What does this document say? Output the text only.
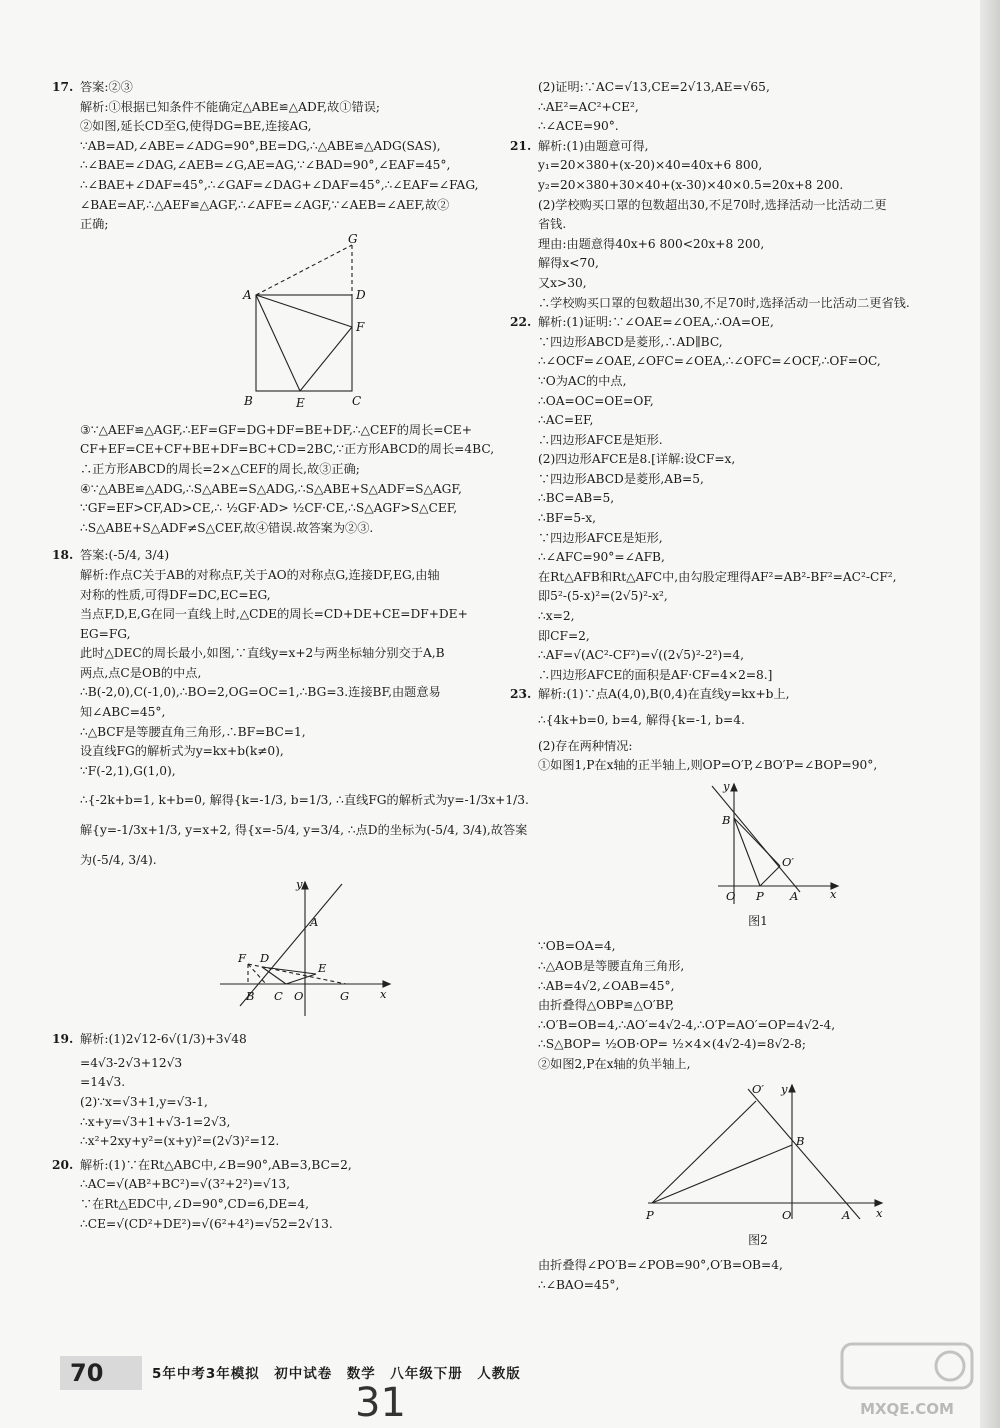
17. 答案:②③
解析:①根据已知条件不能确定△ABE≌△ADF,故①错误;
②如图,延长CD至G,使得DG=BE,连接AG,
∵AB=AD,∠ABE=∠ADG=90°,BE=DG,∴△ABE≌△ADG(SAS),
∴∠BAE=∠DAG,∠AEB=∠G,AE=AG,∵∠BAD=90°,∠EAF=45°,
∴∠BAE+∠DAF=45°,∴∠GAF=∠DAG+∠DAF=45°,∴∠EAF=∠FAG,
∠BAE=AF,∴△AEF≌△AGF,∴∠AFE=∠AGF,∵∠AEB=∠AEF,故②
正确;
G
A	D
F
B	E	C
③∵△AEF≌△AGF,∴EF=GF=DG+DF=BE+DF,∴△CEF的周长=CE+
CF+EF=CE+CF+BE+DF=BC+CD=2BC,∵正方形ABCD的周长=4BC,
∴正方形ABCD的周长=2×△CEF的周长,故③正确;
④∵△ABE≌△ADG,∴S△ABE=S△ADG,∴S△ABE+S△ADF=S△AGF,
∵GF=EF>CF,AD>CE,∴ ½GF·AD> ½CF·CE,∴S△AGF>S△CEF,
∴S△ABE+S△ADF≠S△CEF,故④错误.故答案为②③.
18. 答案:(-5/4, 3/4)
解析:作点C关于AB的对称点F,关于AO的对称点G,连接DF,EG,由轴
对称的性质,可得DF=DC,EC=EG,
当点F,D,E,G在同一直线上时,△CDE的周长=CD+DE+CE=DF+DE+
EG=FG,
此时△DEC的周长最小,如图,∵直线y=x+2与两坐标轴分别交于A,B
两点,点C是OB的中点,
∴B(-2,0),C(-1,0),∴BO=2,OG=OC=1,∴BG=3.连接BF,由题意易
知∠ABC=45°,
∴△BCF是等腰直角三角形,∴BF=BC=1,
设直线FG的解析式为y=kx+b(k≠0),
∵F(-2,1),G(1,0),
∴{-2k+b=1, k+b=0, 解得{k=-1/3, b=1/3, ∴直线FG的解析式为y=-1/3x+1/3.
解{y=-1/3x+1/3, y=x+2, 得{x=-5/4, y=3/4, ∴点D的坐标为(-5/4, 3/4),故答案
为(-5/4, 3/4).
y
A
F D
E
B C O	G	x
19. 解析:(1)2√12-6√(1/3)+3√48
=4√3-2√3+12√3
=14√3.
(2)∵x=√3+1,y=√3-1,
∴x+y=√3+1+√3-1=2√3,
∴x²+2xy+y²=(x+y)²=(2√3)²=12.
20. 解析:(1)∵在Rt△ABC中,∠B=90°,AB=3,BC=2,
∴AC=√(AB²+BC²)=√(3²+2²)=√13,
∵在Rt△EDC中,∠D=90°,CD=6,DE=4,
∴CE=√(CD²+DE²)=√(6²+4²)=√52=2√13.
(2)证明:∵AC=√13,CE=2√13,AE=√65,
∴AE²=AC²+CE²,
∴∠ACE=90°.
21. 解析:(1)由题意可得,
y₁=20×380+(x-20)×40=40x+6 800,
y₂=20×380+30×40+(x-30)×40×0.5=20x+8 200.
(2)学校购买口罩的包数超出30,不足70时,选择活动一比活动二更
省钱.
理由:由题意得40x+6 800<20x+8 200,
解得x<70,
又x>30,
∴学校购买口罩的包数超出30,不足70时,选择活动一比活动二更省钱.
22. 解析:(1)证明:∵∠OAE=∠OEA,∴OA=OE,
∵四边形ABCD是菱形,∴AD∥BC,
∴∠OCF=∠OAE,∠OFC=∠OEA,∴∠OFC=∠OCF,∴OF=OC,
∵O为AC的中点,
∴OA=OC=OE=OF,
∴AC=EF,
∴四边形AFCE是矩形.
(2)四边形AFCE是8.[详解:设CF=x,
∵四边形ABCD是菱形,AB=5,
∴BC=AB=5,
∴BF=5-x,
∵四边形AFCE是矩形,
∴∠AFC=90°=∠AFB,
在Rt△AFB和Rt△AFC中,由勾股定理得AF²=AB²-BF²=AC²-CF²,
即5²-(5-x)²=(2√5)²-x²,
∴x=2,
即CF=2,
∴AF=√(AC²-CF²)=√((2√5)²-2²)=4,
∴四边形AFCE的面积是AF·CF=4×2=8.]
23. 解析:(1)∵点A(4,0),B(0,4)在直线y=kx+b上,
∴{4k+b=0, b=4, 解得{k=-1, b=4.
(2)存在两种情况:
①如图1,P在x轴的正半轴上,则OP=O′P,∠BO′P=∠BOP=90°,
y
B
O′
O P A	x
图1
∵OB=OA=4,
∴△AOB是等腰直角三角形,
∴AB=4√2,∠OAB=45°,
由折叠得△OBP≌△O′BP,
∴O′B=OB=4,∴AO′=4√2-4,∴O′P=AO′=OP=4√2-4,
∴S△BOP= ½OB·OP= ½×4×(4√2-4)=8√2-8;
②如图2,P在x轴的负半轴上,
O′ y
B
P	O	A x
图2
由折叠得∠PO′B=∠POB=90°,O′B=OB=4,
∴∠BAO=45°,
70	5年中考3年模拟　初中试卷　数学　八年级下册　人教版
31	MXQE.COM
